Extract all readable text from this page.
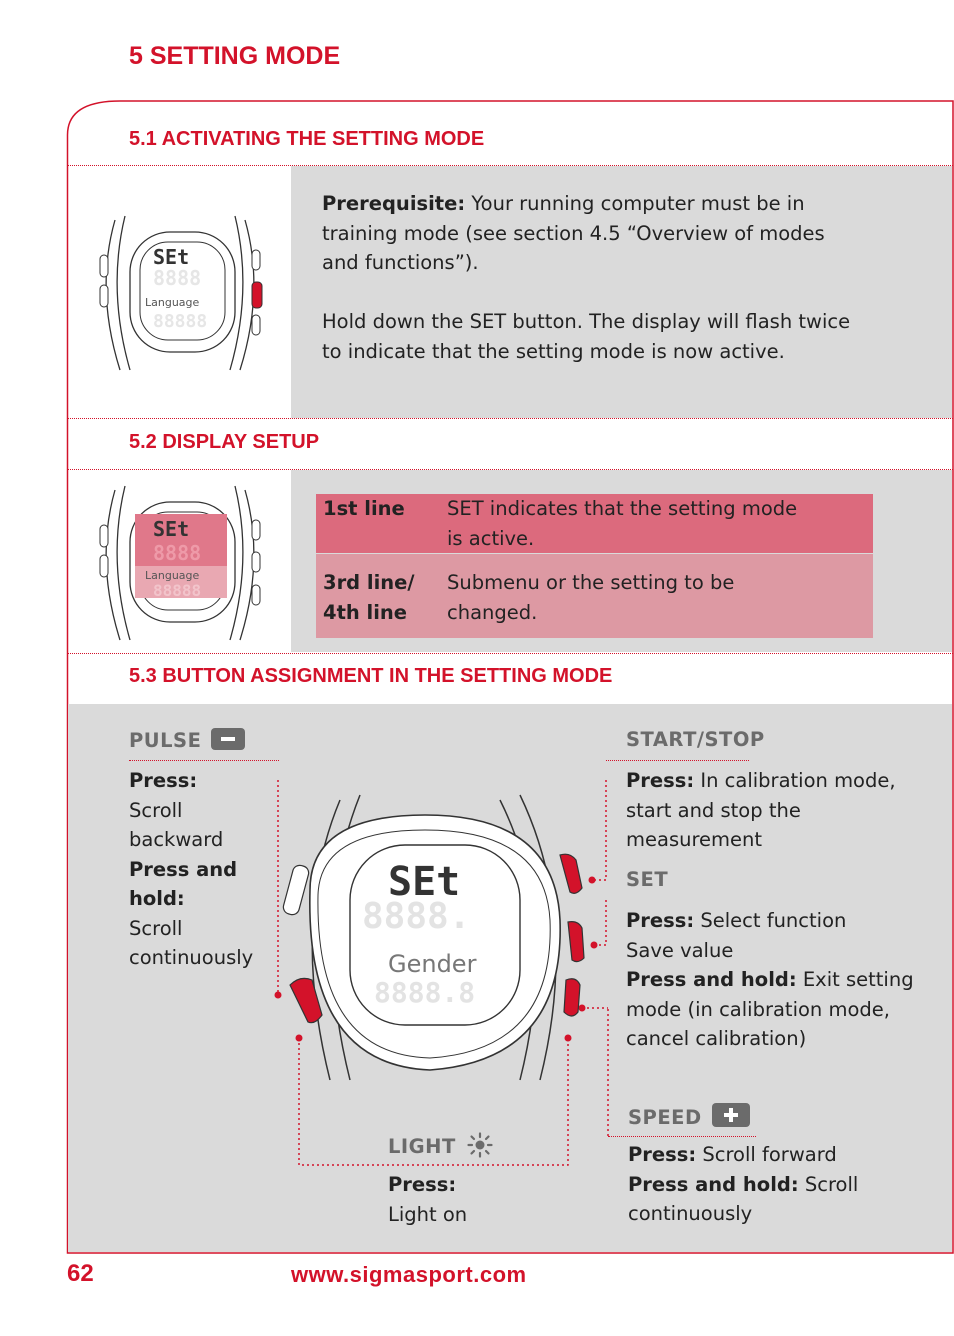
5 SETTING MODE
5.1 ACTIVATING THE SETTING MODE
SEt
8888
Language
88888
Prerequisite: Your running computer must be in
training mode (see section 4.5 “Overview of modes
and functions”).
Hold down the SET button. The display will flash twice
to indicate that the setting mode is now active.
5.2 DISPLAY SETUP
SEt
8888
Language
88888
1st line SET indicates that the setting mode
is active.
3rd line/
4th line
Submenu or the setting to be
changed.
5.3 BUTTON ASSIGNMENT IN THE SETTING MODE
PULSE
Press:
Scroll
backward
Press and
hold:
Scroll
continuously
START/STOP
Press: In calibration mode,
start and stop the
measurement
SET
Press: Select function
Save value
Press and hold: Exit setting
mode (in calibration mode,
cancel calibration)
SPEED
Press: Scroll forward
Press and hold: Scroll
continuously
LIGHT
Press:
Light on
SEt
8888.
Gender
8888.8
62	www.sigmasport.com
